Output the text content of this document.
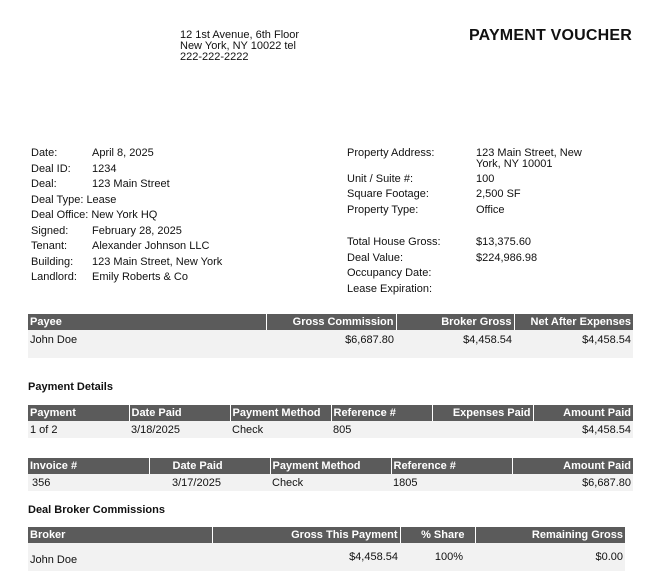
12 1st Avenue, 6th Floor
New York, NY 10022 tel
222-222-2222
PAYMENT VOUCHER
Date:	April 8, 2025
Deal ID: 1234
Deal:	123 Main Street
Deal Type: Lease
Deal Office: New York HQ
Signed: February 28, 2025
Tenant: Alexander Johnson LLC
Building: 123 Main Street, New York
Landlord: Emily Roberts & Co
Property Address:	123 Main Street, New
York, NY 10001
Unit / Suite #:	100
Square Footage:	2,500 SF
Property Type:	Office
Total House Gross:	$13,375.60
Deal Value:	$224,986.98
Occupancy Date:
Lease Expiration:
Payee	Gross Commission	Broker Gross	Net After Expenses
John Doe	$6,687.80	$4,458.54	$4,458.54
Payment Details
Payment	Date Paid	Payment Method	Reference #	Expenses Paid	Amount Paid
1 of 2	3/18/2025	Check	805		$4,458.54
Invoice #	Date Paid	Payment Method	Reference #	Amount Paid
356	3/17/2025	Check	1805	$6,687.80
Deal Broker Commissions
Broker	Gross This Payment	% Share	Remaining Gross
John Doe	$4,458.54	100%	$0.00
